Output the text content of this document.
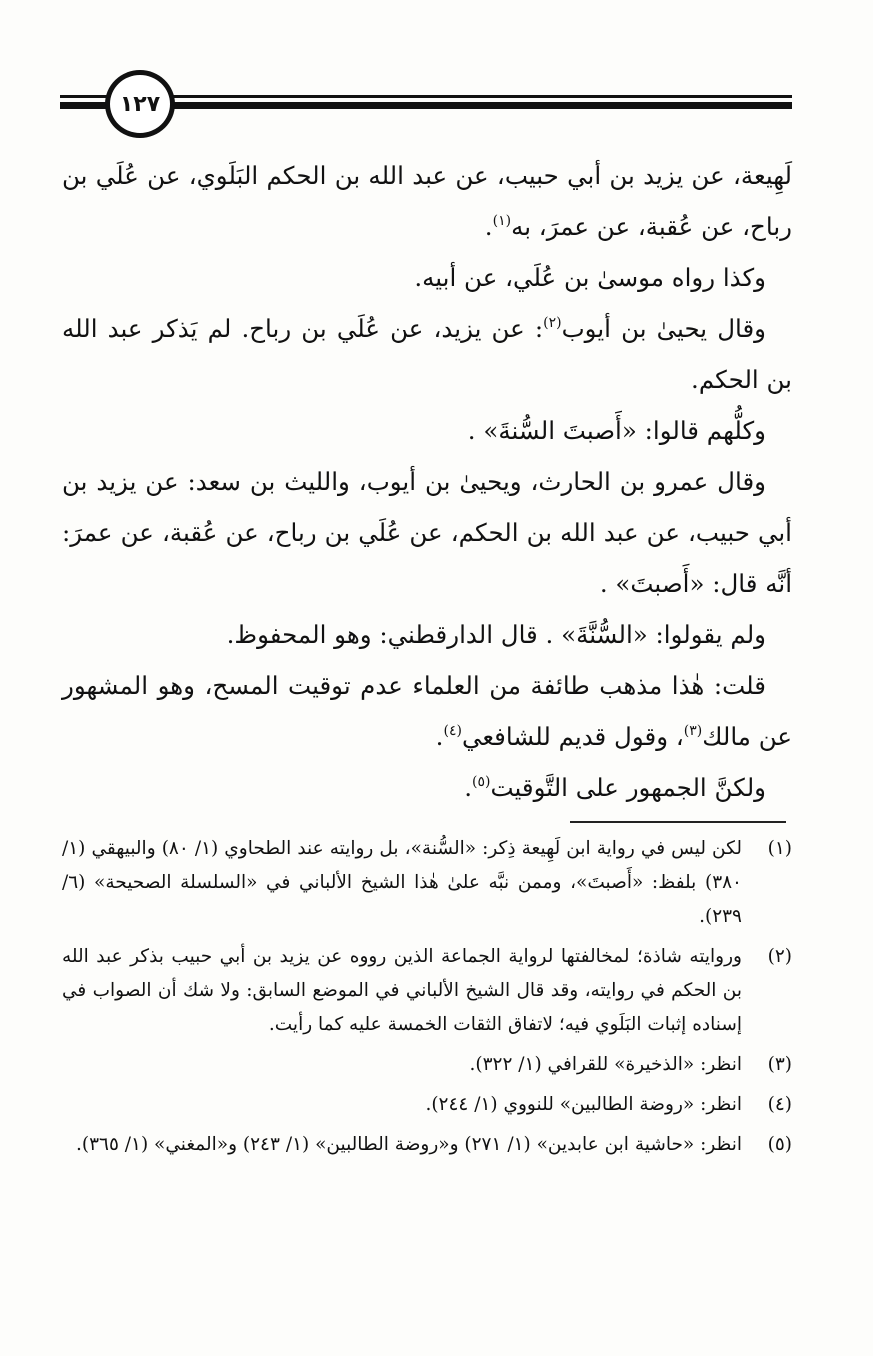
١٢٧

لَهِيعة، عن يزيد بن أبي حبيب، عن عبد الله بن الحكم البَلَوي، عن عُلَي بن رباح، عن عُقبة، عن عمرَ، به$^{(١)}$.

وكذا رواه موسىٰ بن عُلَي، عن أبيه.

وقال يحيىٰ بن أيوب$^{(٢)}$: عن يزيد، عن عُلَي بن رباح. لم يَذكر عبد الله بن الحكم.

وكلُّهم قالوا: «أَصبتَ السُّنةَ» .

وقال عمرو بن الحارث، ويحيىٰ بن أيوب، والليث بن سعد: عن يزيد بن أبي حبيب، عن عبد الله بن الحكم، عن عُلَي بن رباح، عن عُقبة، عن عمرَ: أنَّه قال: «أَصبتَ» .

ولم يقولوا: «السُّنَّةَ» . قال الدارقطني: وهو المحفوظ.

قلت: هٰذا مذهب طائفة من العلماء عدم توقيت المسح، وهو المشهور عن مالك$^{(٣)}$، وقول قديم للشافعي$^{(٤)}$.

ولكنَّ الجمهور على التَّوقيت$^{(٥)}$.

(١)
لكن ليس في رواية ابن لَهِيعة ذِكر: «السُّنة»، بل روايته عند الطحاوي (١/ ٨٠) والبيهقي (١/ ٣٨٠) بلفظ: «أَصبتَ»، وممن نبَّه علىٰ هٰذا الشيخ الألباني في «السلسلة الصحيحة» (٦/ ٢٣٩).
(٢)
وروايته شاذة؛ لمخالفتها لرواية الجماعة الذين رووه عن يزيد بن أبي حبيب بذكر عبد الله بن الحكم في روايته، وقد قال الشيخ الألباني في الموضع السابق: ولا شك أن الصواب في إسناده إثبات البَلَوي فيه؛ لاتفاق الثقات الخمسة عليه كما رأيت.
(٣)
انظر: «الذخيرة» للقرافي (١/ ٣٢٢).
(٤)
انظر: «روضة الطالبين» للنووي (١/ ٢٤٤).
(٥)
انظر: «حاشية ابن عابدين» (١/ ٢٧١) و«روضة الطالبين» (١/ ٢٤٣) و«المغني» (١/ ٣٦٥).
